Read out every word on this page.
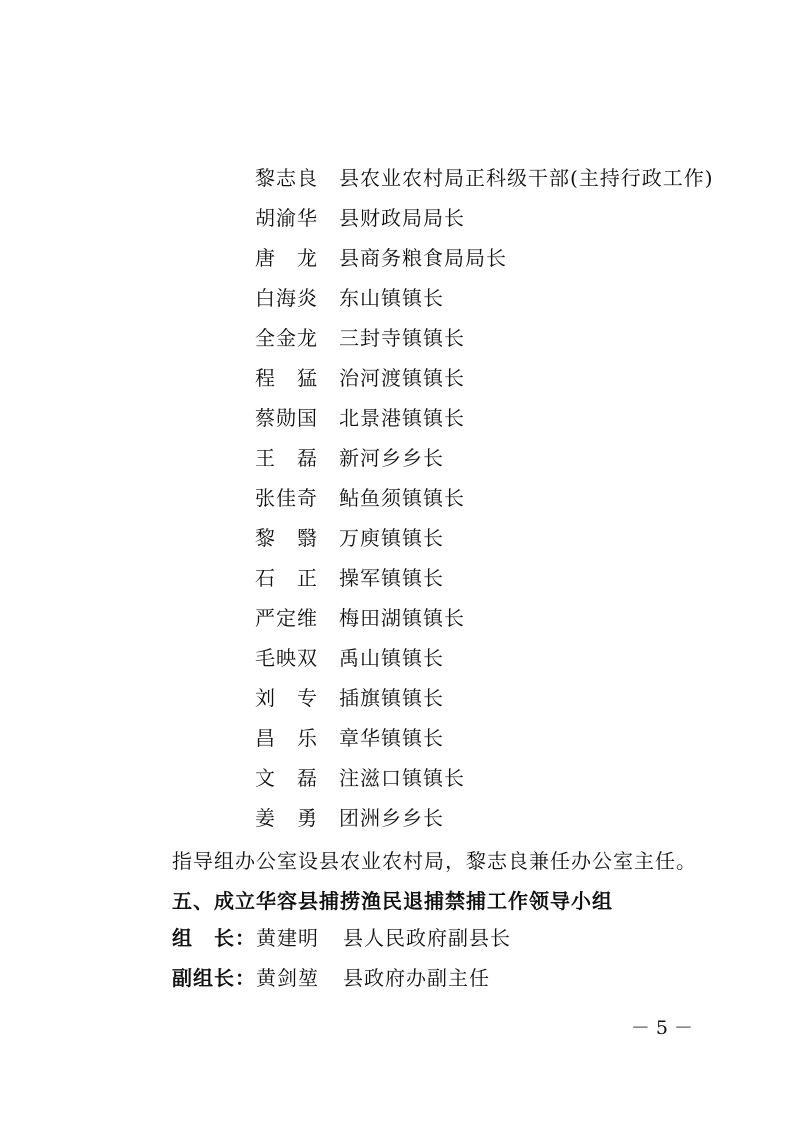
黎志良 县农业农村局正科级干部(主持行政工作)
胡渝华 县财政局局长
唐　龙 县商务粮食局局长
白海炎 东山镇镇长
全金龙 三封寺镇镇长
程　猛 治河渡镇镇长
蔡勋国 北景港镇镇长
王　磊 新河乡乡长
张佳奇 鲇鱼须镇镇长
黎　翳 万庾镇镇长
石　正 操军镇镇长
严定维 梅田湖镇镇长
毛映双 禹山镇镇长
刘　专 插旗镇镇长
昌　乐 章华镇镇长
文　磊 注滋口镇镇长
姜　勇 团洲乡乡长
指导组办公室设县农业农村局，黎志良兼任办公室主任。
五、成立华容县捕捞渔民退捕禁捕工作领导小组
组　长： 黄建明 县人民政府副县长
副组长： 黄剑堃 县政府办副主任
－ 5 －
